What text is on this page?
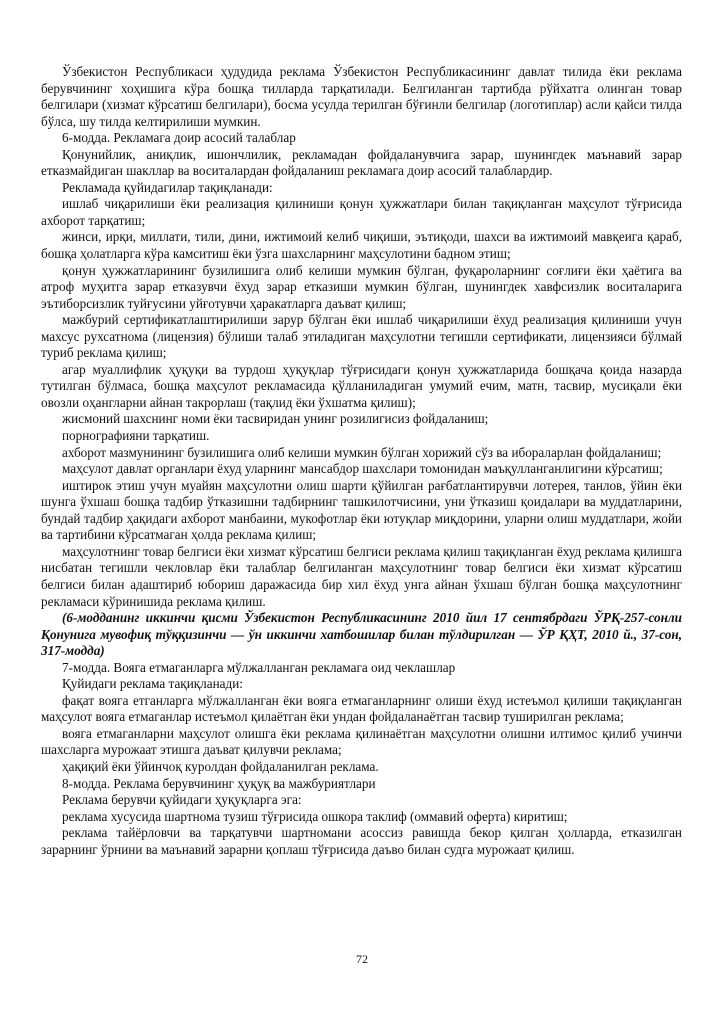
Ўзбекистон Республикаси ҳудудида реклама Ўзбекистон Республикасининг давлат тилида ёки реклама берувчининг хоҳишига кўра бошқа тилларда тарқатилади. Белгиланган тартибда рўйхатга олинган товар белгилари (хизмат кўрсатиш белгилари), босма усулда терилган бўғинли белгилар (логотиплар) асли қайси тилда бўлса, шу тилда келтирилиши мумкин.

6-модда. Рекламага доир асосий талаблар

Қонунийлик, аниқлик, ишончлилик, рекламадан фойдаланувчига зарар, шунингдек маънавий зарар етказмайдиган шакллар ва воситалардан фойдаланиш рекламага доир асосий талаблардир.

Рекламада қуйидагилар тақиқланади:

ишлаб чиқарилиши ёки реализация қилиниши қонун ҳужжатлари билан тақиқланган маҳсулот тўғрисида ахборот тарқатиш;

жинси, ирқи, миллати, тили, дини, ижтимоий келиб чиқиши, эътиқоди, шахси ва ижтимоий мавқеига қараб, бошқа ҳолатларга кўра камситиш ёки ўзга шахсларнинг маҳсулотини бадном этиш;

қонун ҳужжатларининг бузилишига олиб келиши мумкин бўлган, фуқароларнинг соғлиғи ёки ҳаётига ва атроф муҳитга зарар етказувчи ёхуд зарар етказиши мумкин бўлган, шунингдек хавфсизлик воситаларига эътиборсизлик туйғусини уйғотувчи ҳаракатларга даъват қилиш;

мажбурий сертификатлаштирилиши зарур бўлган ёки ишлаб чиқарилиши ёхуд реализация қилиниши учун махсус рухсатнома (лицензия) бўлиши талаб этиладиган маҳсулотни тегишли сертификати, лицензияси бўлмай туриб реклама қилиш;

агар муаллифлик ҳуқуқи ва турдош ҳуқуқлар тўғрисидаги қонун ҳужжатларида бошқача қоида назарда тутилган бўлмаса, бошқа маҳсулот рекламасида қўлланиладиган умумий ечим, матн, тасвир, мусиқали ёки овозли оҳангларни айнан такрорлаш (тақлид ёки ўхшатма қилиш);

жисмоний шахснинг номи ёки тасвиридан унинг розилигисиз фойдаланиш;

порнографияни тарқатиш.

ахборот мазмунининг бузилишига олиб келиши мумкин бўлган хорижий сўз ва ибораларлан фойдаланиш;

маҳсулот давлат органлари ёхуд уларнинг мансабдор шахслари томонидан маъқулланганлигини кўрсатиш;

иштирок этиш учун муайян маҳсулотни олиш шарти қўйилган рағбатлантирувчи лотерея, танлов, ўйин ёки шунга ўхшаш бошқа тадбир ўтказишни тадбирнинг ташкилотчисини, уни ўтказиш қоидалари ва муддатларини, бундай тадбир ҳақидаги ахборот манбаини, мукофотлар ёки ютуқлар миқдорини, уларни олиш муддатлари, жойи ва тартибини кўрсатмаган ҳолда реклама қилиш;

маҳсулотнинг товар белгиси ёки хизмат кўрсатиш белгиси реклама қилиш тақиқланган ёхуд реклама қилишга нисбатан тегишли чекловлар ёки талаблар белгиланган маҳсулотнинг товар белгиси ёки хизмат кўрсатиш белгиси билан адаштириб юбориш даражасида бир хил ёхуд унга айнан ўхшаш бўлган бошқа маҳсулотнинг рекламаси кўринишида реклама қилиш.

(6-модданинг иккинчи қисми Ўзбекистон Республикасининг 2010 йил 17 сентябрдаги ЎРҚ-257-сонли Қонунига мувофиқ тўққизинчи — ўн иккинчи хатбошилар билан тўлдирилган — ЎР ҚҲТ, 2010 й., 37-сон, 317-модда)

7-модда. Вояга етмаганларга мўлжалланган рекламага оид чеклашлар

Қуйидаги реклама тақиқланади:

фақат вояга етганларга мўлжалланган ёки вояга етмаганларнинг олиши ёхуд истеъмол қилиши тақиқланган маҳсулот вояга етмаганлар истеъмол қилаётган ёки ундан фойдаланаётган тасвир туширилган реклама;

вояга етмаганларни маҳсулот олишга ёки реклама қилинаётган маҳсулотни олишни илтимос қилиб учинчи шахсларга мурожаат этишга даъват қилувчи реклама;

ҳақиқий ёки ўйинчоқ куролдан фойдаланилган реклама.

8-модда. Реклама берувчининг ҳуқуқ ва мажбуриятлари

Реклама берувчи қуйидаги ҳуқуқларга эга:

реклама хусусида шартнома тузиш тўғрисида ошкора таклиф (оммавий оферта) киритиш;

реклама тайёрловчи ва тарқатувчи шартномани асоссиз равишда бекор қилган ҳолларда, етказилган зарарнинг ўрнини ва маънавий зарарни қоплаш тўғрисида даъво билан судга мурожаат қилиш.

72
